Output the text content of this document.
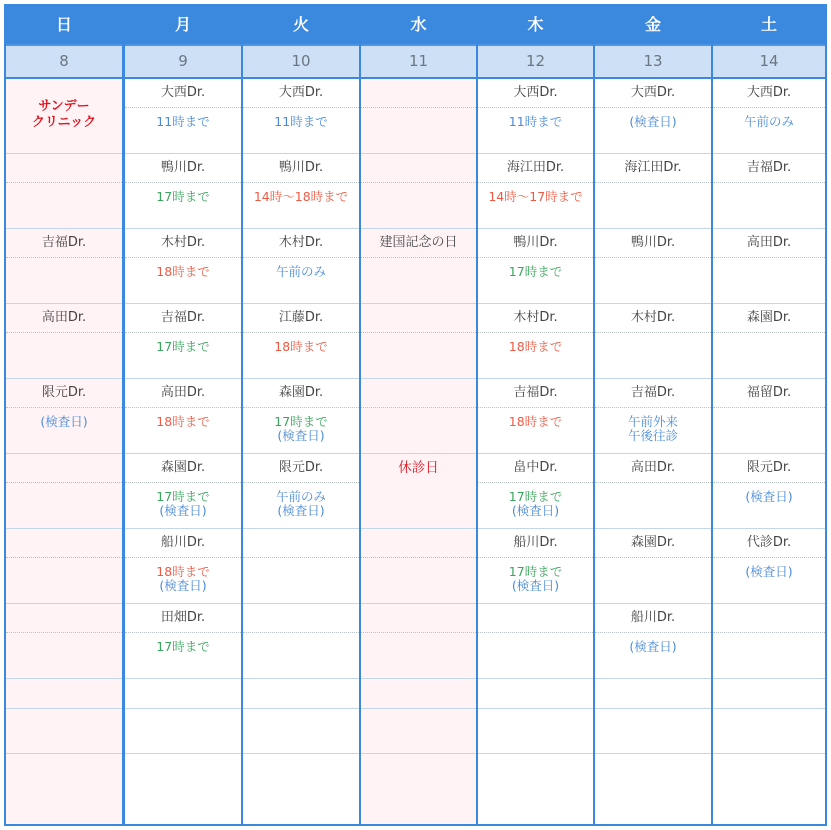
日
8
サンデー
クリニック
吉福Dr.
高田Dr.
限元Dr.
(検査日)
月
9
大西Dr.
11時まで
鴨川Dr.
17時まで
木村Dr.
18時まで
吉福Dr.
17時まで
高田Dr.
18時まで
森園Dr.
17時まで
(検査日)
船川Dr.
18時まで
(検査日)
田畑Dr.
17時まで
火
10
大西Dr.
11時まで
鴨川Dr.
14時〜18時まで
木村Dr.
午前のみ
江藤Dr.
18時まで
森園Dr.
17時まで
(検査日)
限元Dr.
午前のみ
(検査日)
水
11
建国記念の日
休診日
木
12
大西Dr.
11時まで
海江田Dr.
14時〜17時まで
鴨川Dr.
17時まで
木村Dr.
18時まで
吉福Dr.
18時まで
畠中Dr.
17時まで
(検査日)
船川Dr.
17時まで
(検査日)
金
13
大西Dr.
(検査日)
海江田Dr.
鴨川Dr.
木村Dr.
吉福Dr.
午前外来
午後往診
高田Dr.
森園Dr.
船川Dr.
(検査日)
土
14
大西Dr.
午前のみ
吉福Dr.
高田Dr.
森園Dr.
福留Dr.
限元Dr.
(検査日)
代診Dr.
(検査日)
